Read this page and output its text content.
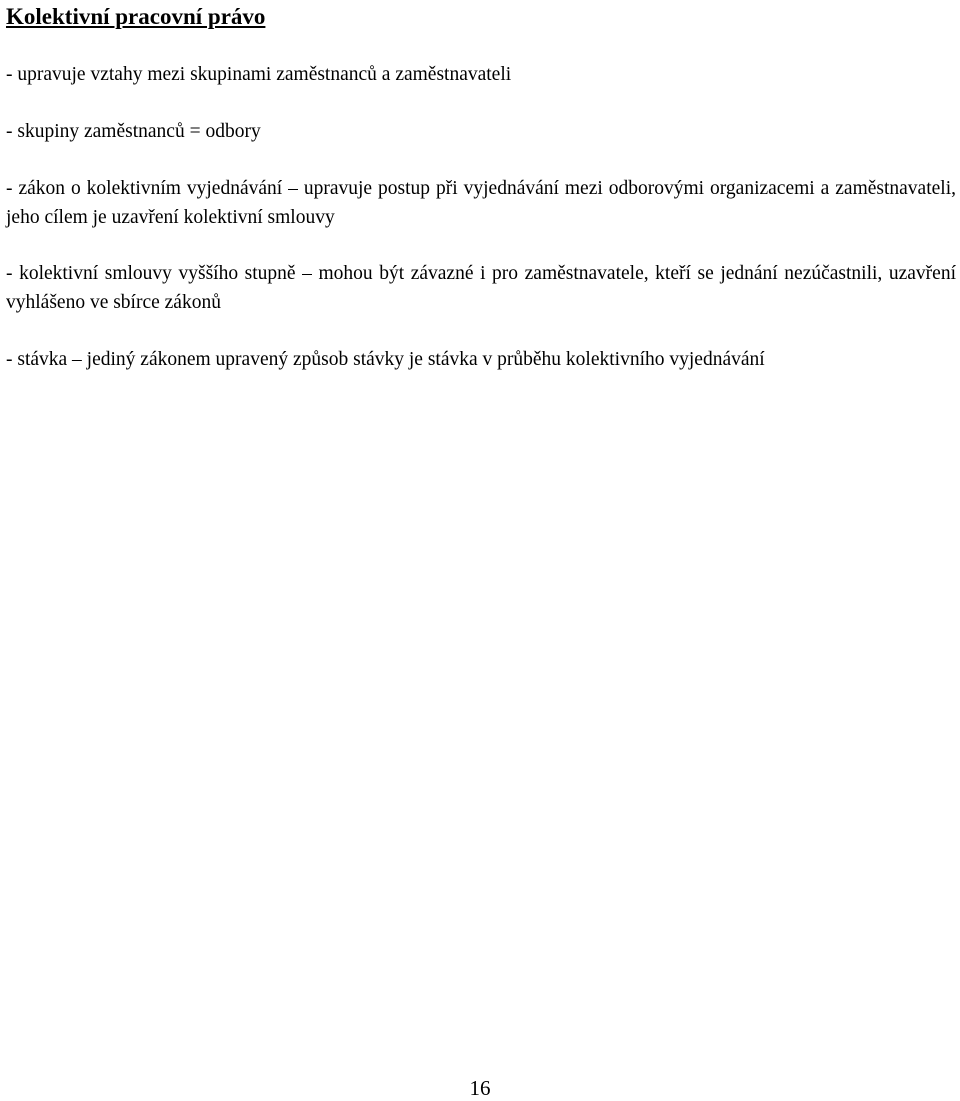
Kolektivní pracovní právo

- upravuje vztahy mezi skupinami zaměstnanců a zaměstnavateli

- skupiny zaměstnanců = odbory

- zákon o kolektivním vyjednávání – upravuje postup při vyjednávání mezi odborovými organizacemi a zaměstnavateli, jeho cílem je uzavření kolektivní smlouvy

- kolektivní smlouvy vyššího stupně – mohou být závazné i pro zaměstnavatele, kteří se jednání nezúčastnili, uzavření vyhlášeno ve sbírce zákonů

- stávka – jediný zákonem upravený způsob stávky je stávka v průběhu kolektivního vyjednávání

16
